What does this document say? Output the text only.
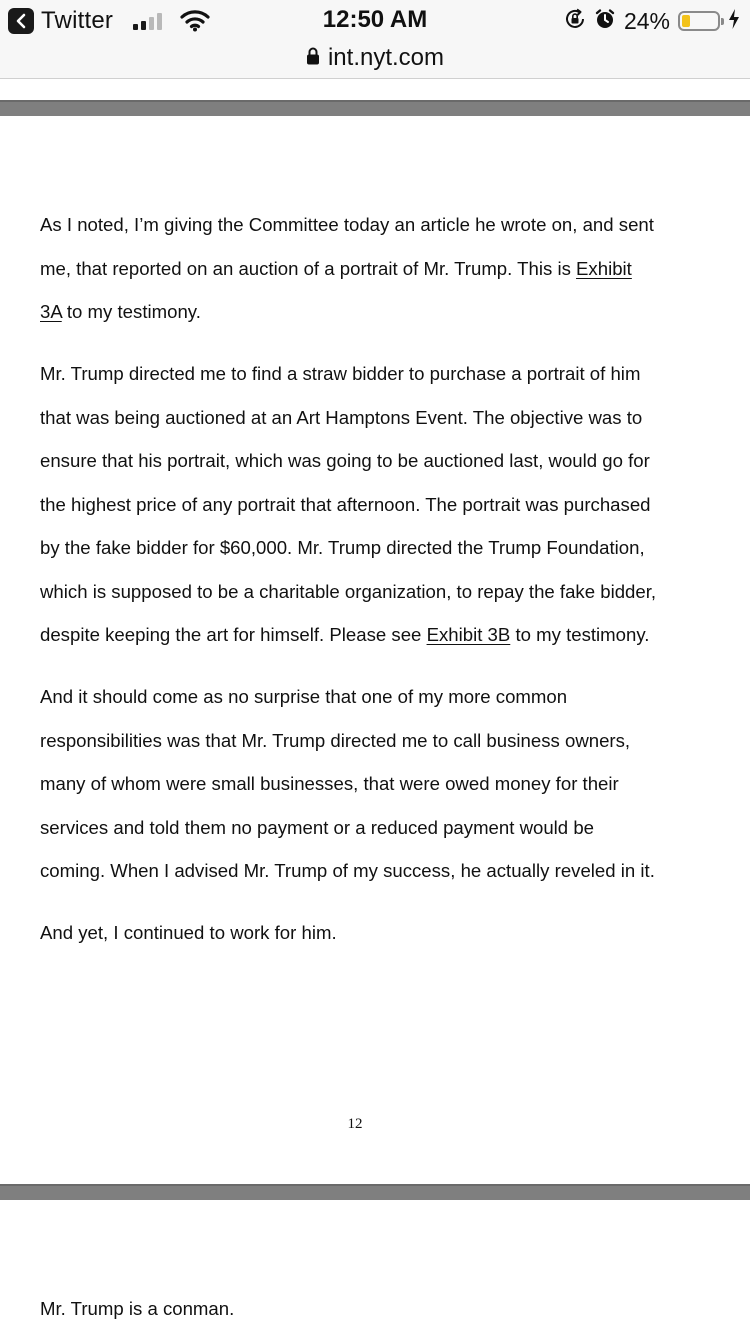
Twitter	12:50 AM	24%
int.nyt.com

As I noted, I’m giving the Committee today an article he wrote on, and sent
me, that reported on an auction of a portrait of Mr. Trump. This is Exhibit
3A to my testimony.

Mr. Trump directed me to find a straw bidder to purchase a portrait of him
that was being auctioned at an Art Hamptons Event. The objective was to
ensure that his portrait, which was going to be auctioned last, would go for
the highest price of any portrait that afternoon. The portrait was purchased
by the fake bidder for $60,000. Mr. Trump directed the Trump Foundation,
which is supposed to be a charitable organization, to repay the fake bidder,
despite keeping the art for himself. Please see Exhibit 3B to my testimony.

And it should come as no surprise that one of my more common
responsibilities was that Mr. Trump directed me to call business owners,
many of whom were small businesses, that were owed money for their
services and told them no payment or a reduced payment would be
coming. When I advised Mr. Trump of my success, he actually reveled in it.

And yet, I continued to work for him.

12

Mr. Trump is a conman.
